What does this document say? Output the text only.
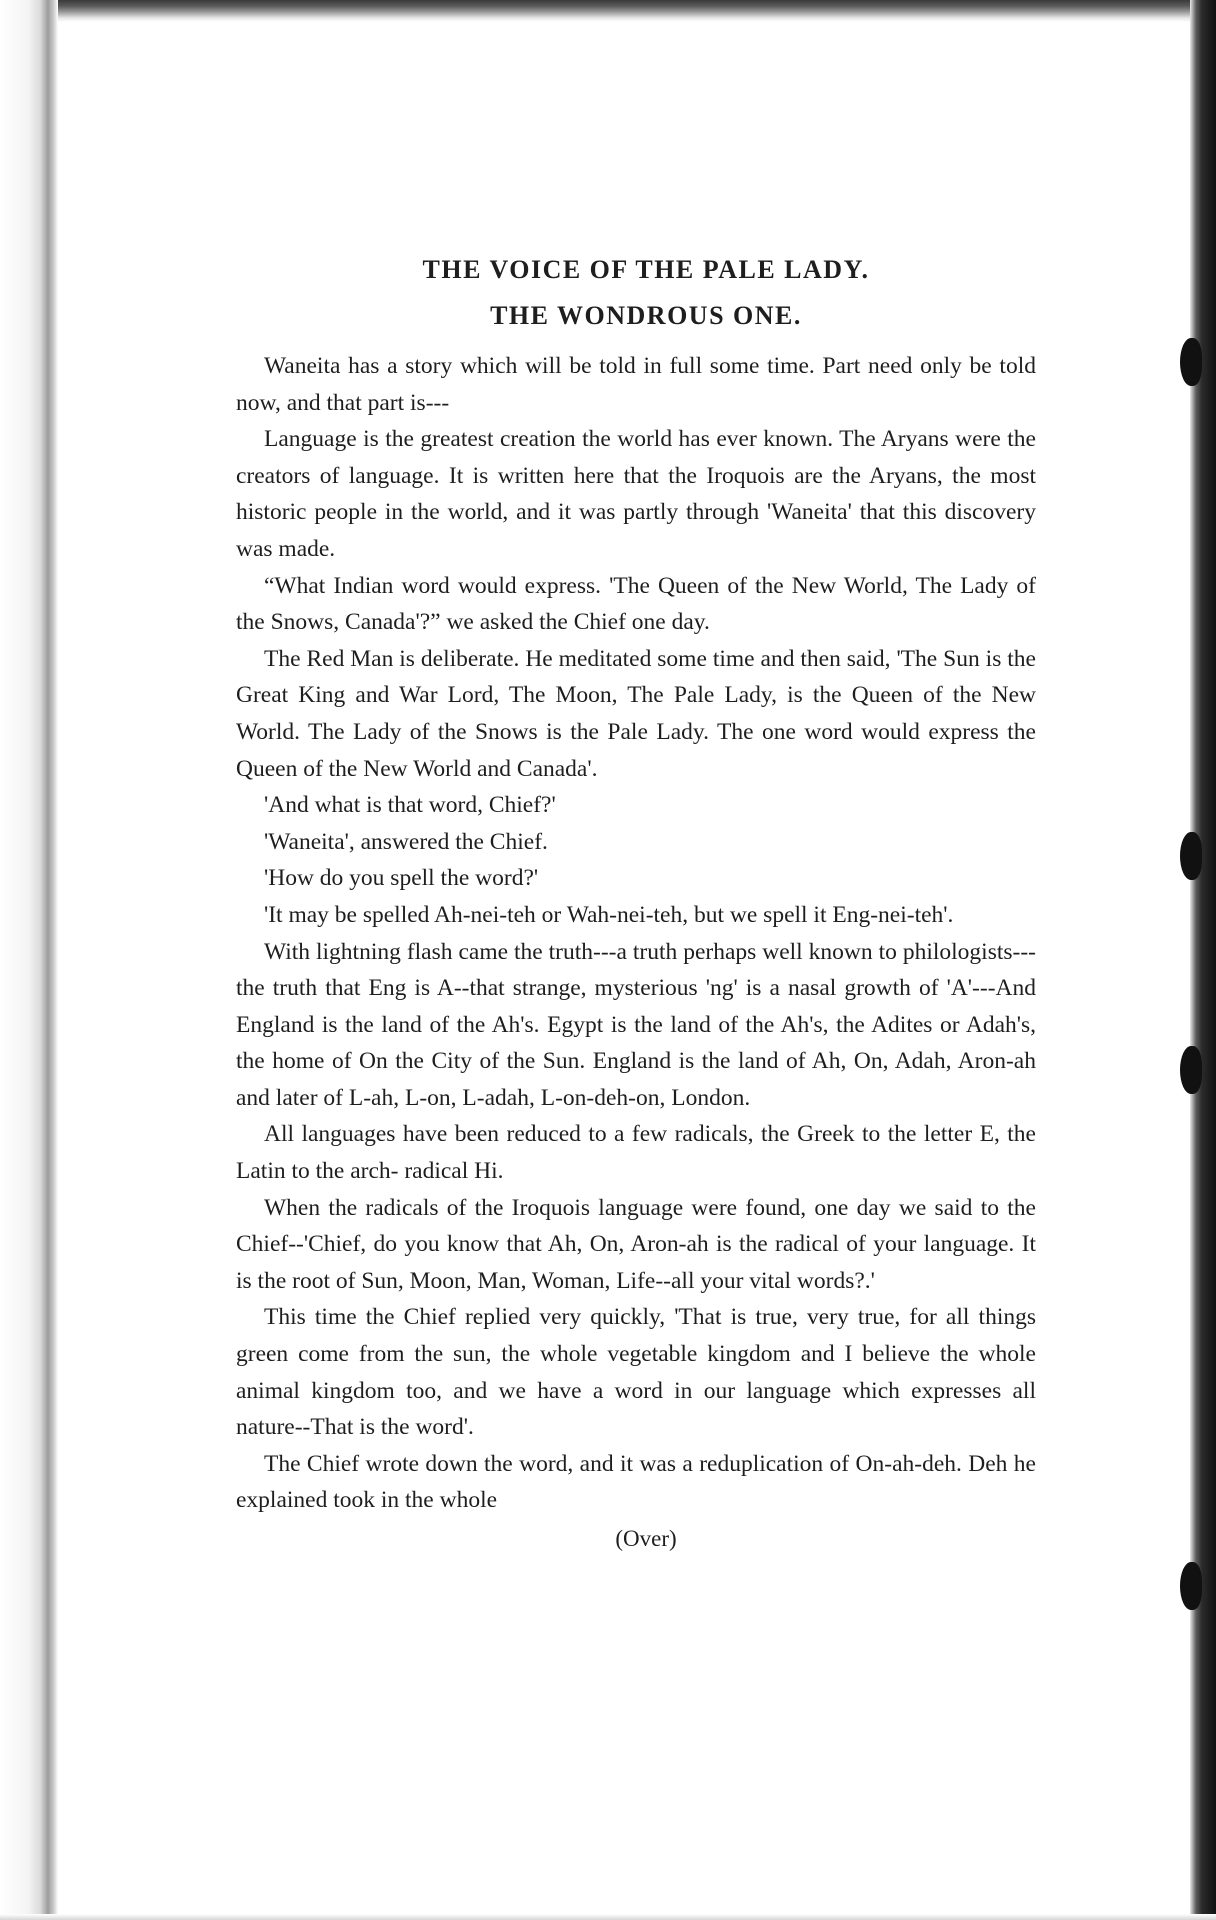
THE VOICE OF THE PALE LADY.
THE WONDROUS ONE.

Waneita has a story which will be told in full some time. Part need only be told now, and that part is---

Language is the greatest creation the world has ever known. The Aryans were the creators of language. It is written here that the Iroquois are the Aryans, the most historic people in the world, and it was partly through 'Waneita' that this discovery was made.

“What Indian word would express. 'The Queen of the New World, The Lady of the Snows, Canada'?” we asked the Chief one day.

The Red Man is deliberate. He meditated some time and then said, 'The Sun is the Great King and War Lord, The Moon, The Pale Lady, is the Queen of the New World. The Lady of the Snows is the Pale Lady. The one word would express the Queen of the New World and Canada'.

'And what is that word, Chief?'

'Waneita', answered the Chief.

'How do you spell the word?'

'It may be spelled Ah-nei-teh or Wah-nei-teh, but we spell it Eng-nei-teh'.

With lightning flash came the truth---a truth perhaps well known to philologists---the truth that Eng is A--that strange, mysterious 'ng' is a nasal growth of 'A'---And England is the land of the Ah's. Egypt is the land of the Ah's, the Adites or Adah's, the home of On the City of the Sun. England is the land of Ah, On, Adah, Aron-ah and later of L-ah, L-on, L-adah, L-on-deh-on, London.

All languages have been reduced to a few radicals, the Greek to the letter E, the Latin to the arch- radical Hi.

When the radicals of the Iroquois language were found, one day we said to the Chief--'Chief, do you know that Ah, On, Aron-ah is the radical of your language. It is the root of Sun, Moon, Man, Woman, Life--all your vital words?.'

This time the Chief replied very quickly, 'That is true, very true, for all things green come from the sun, the whole vegetable kingdom and I believe the whole animal kingdom too, and we have a word in our language which expresses all nature--That is the word'.

The Chief wrote down the word, and it was a reduplication of On-ah-deh. Deh he explained took in the whole

(Over)
